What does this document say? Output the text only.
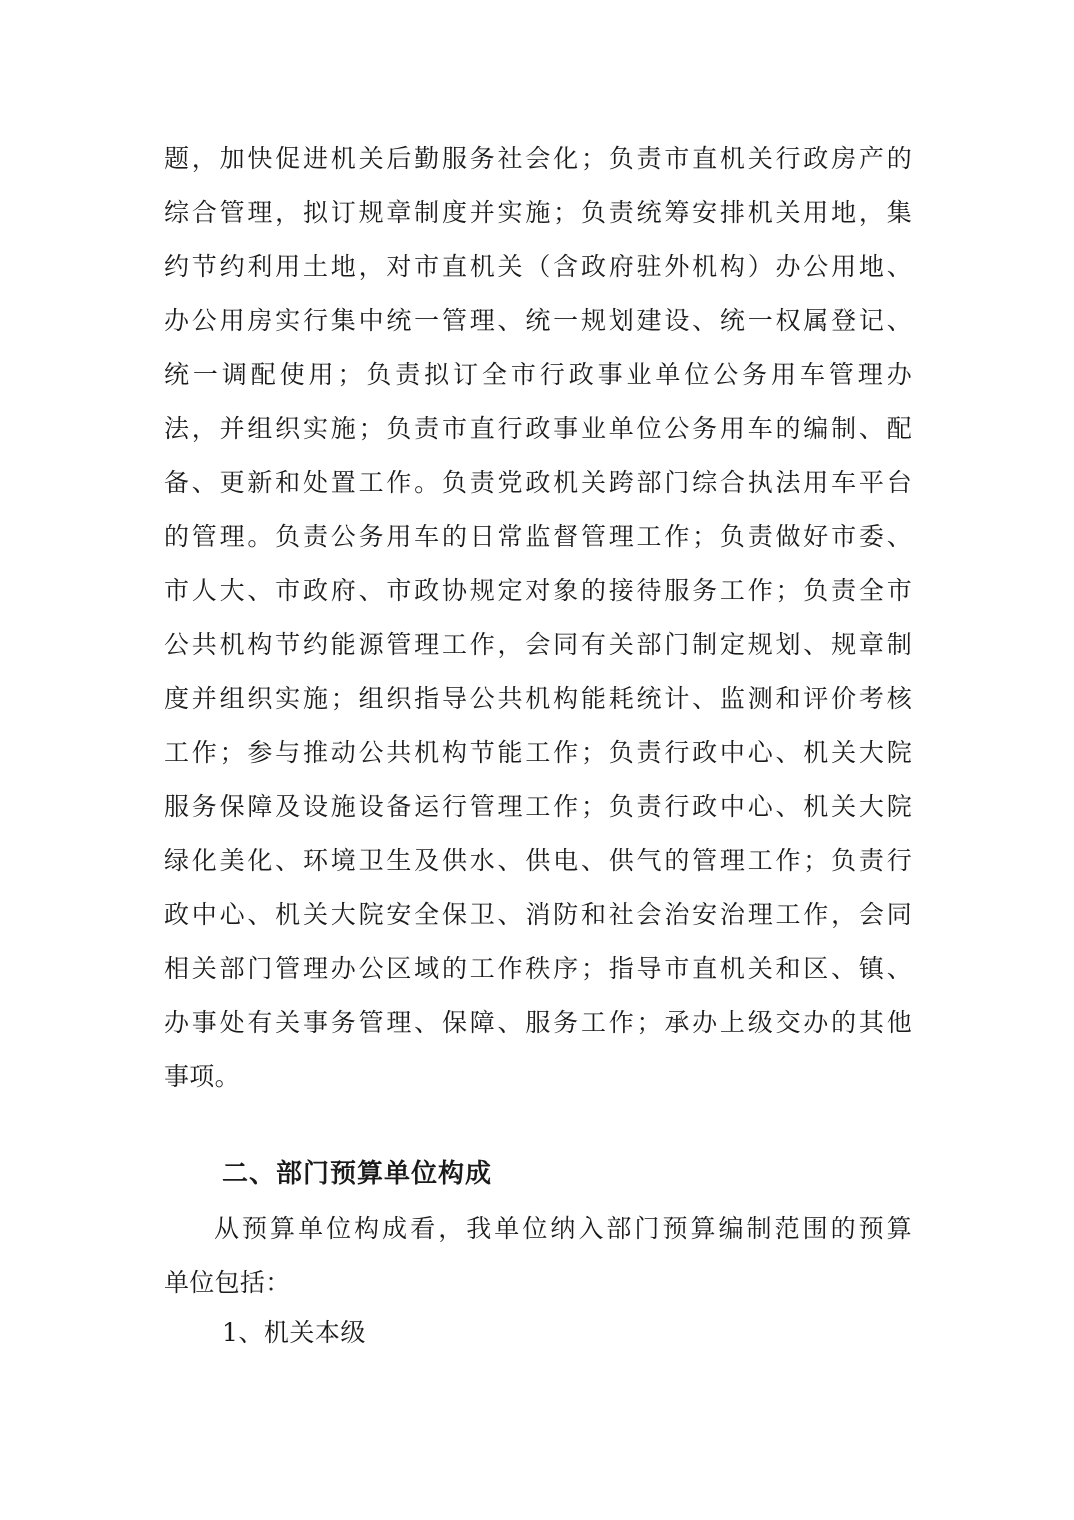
题，加快促进机关后勤服务社会化；负责市直机关行政房产的
综合管理，拟订规章制度并实施；负责统筹安排机关用地，集
约节约利用土地，对市直机关（含政府驻外机构）办公用地、
办公用房实行集中统一管理、统一规划建设、统一权属登记、
统一调配使用；负责拟订全市行政事业单位公务用车管理办
法，并组织实施；负责市直行政事业单位公务用车的编制、配
备、更新和处置工作。负责党政机关跨部门综合执法用车平台
的管理。负责公务用车的日常监督管理工作；负责做好市委、
市人大、市政府、市政协规定对象的接待服务工作；负责全市
公共机构节约能源管理工作，会同有关部门制定规划、规章制
度并组织实施；组织指导公共机构能耗统计、监测和评价考核
工作；参与推动公共机构节能工作；负责行政中心、机关大院
服务保障及设施设备运行管理工作；负责行政中心、机关大院
绿化美化、环境卫生及供水、供电、供气的管理工作；负责行
政中心、机关大院安全保卫、消防和社会治安治理工作，会同
相关部门管理办公区域的工作秩序；指导市直机关和区、镇、
办事处有关事务管理、保障、服务工作；承办上级交办的其他
事项。
二、部门预算单位构成
从预算单位构成看，我单位纳入部门预算编制范围的预算
单位包括：
1、机关本级
